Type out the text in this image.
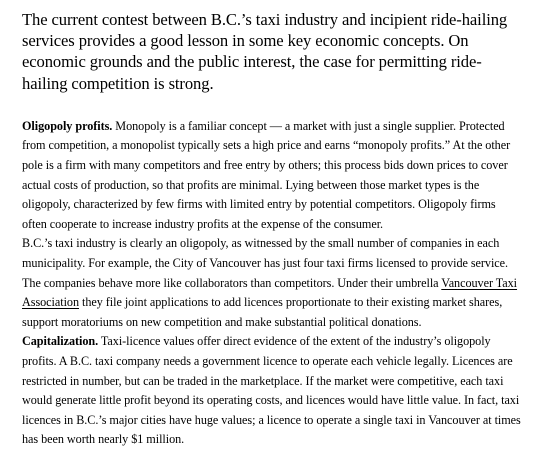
The current contest between B.C.’s taxi industry and incipient ride-hailing services provides a good lesson in some key economic concepts. On economic grounds and the public interest, the case for permitting ride-hailing competition is strong.

Oligopoly profits. Monopoly is a familiar concept — a market with just a single supplier. Protected from competition, a monopolist typically sets a high price and earns “monopoly profits.” At the other pole is a firm with many competitors and free entry by others; this process bids down prices to cover actual costs of production, so that profits are minimal. Lying between those market types is the oligopoly, characterized by few firms with limited entry by potential competitors. Oligopoly firms often cooperate to increase industry profits at the expense of the consumer.

B.C.’s taxi industry is clearly an oligopoly, as witnessed by the small number of companies in each municipality. For example, the City of Vancouver has just four taxi firms licensed to provide service. The companies behave more like collaborators than competitors. Under their umbrella Vancouver Taxi Association they file joint applications to add licences proportionate to their existing market shares, support moratoriums on new competition and make substantial political donations.

Capitalization. Taxi-licence values offer direct evidence of the extent of the industry’s oligopoly profits. A B.C. taxi company needs a government licence to operate each vehicle legally. Licences are restricted in number, but can be traded in the marketplace. If the market were competitive, each taxi would generate little profit beyond its operating costs, and licences would have little value. In fact, taxi licences in B.C.’s major cities have huge values; a licence to operate a single taxi in Vancouver at times has been worth nearly $1 million.
